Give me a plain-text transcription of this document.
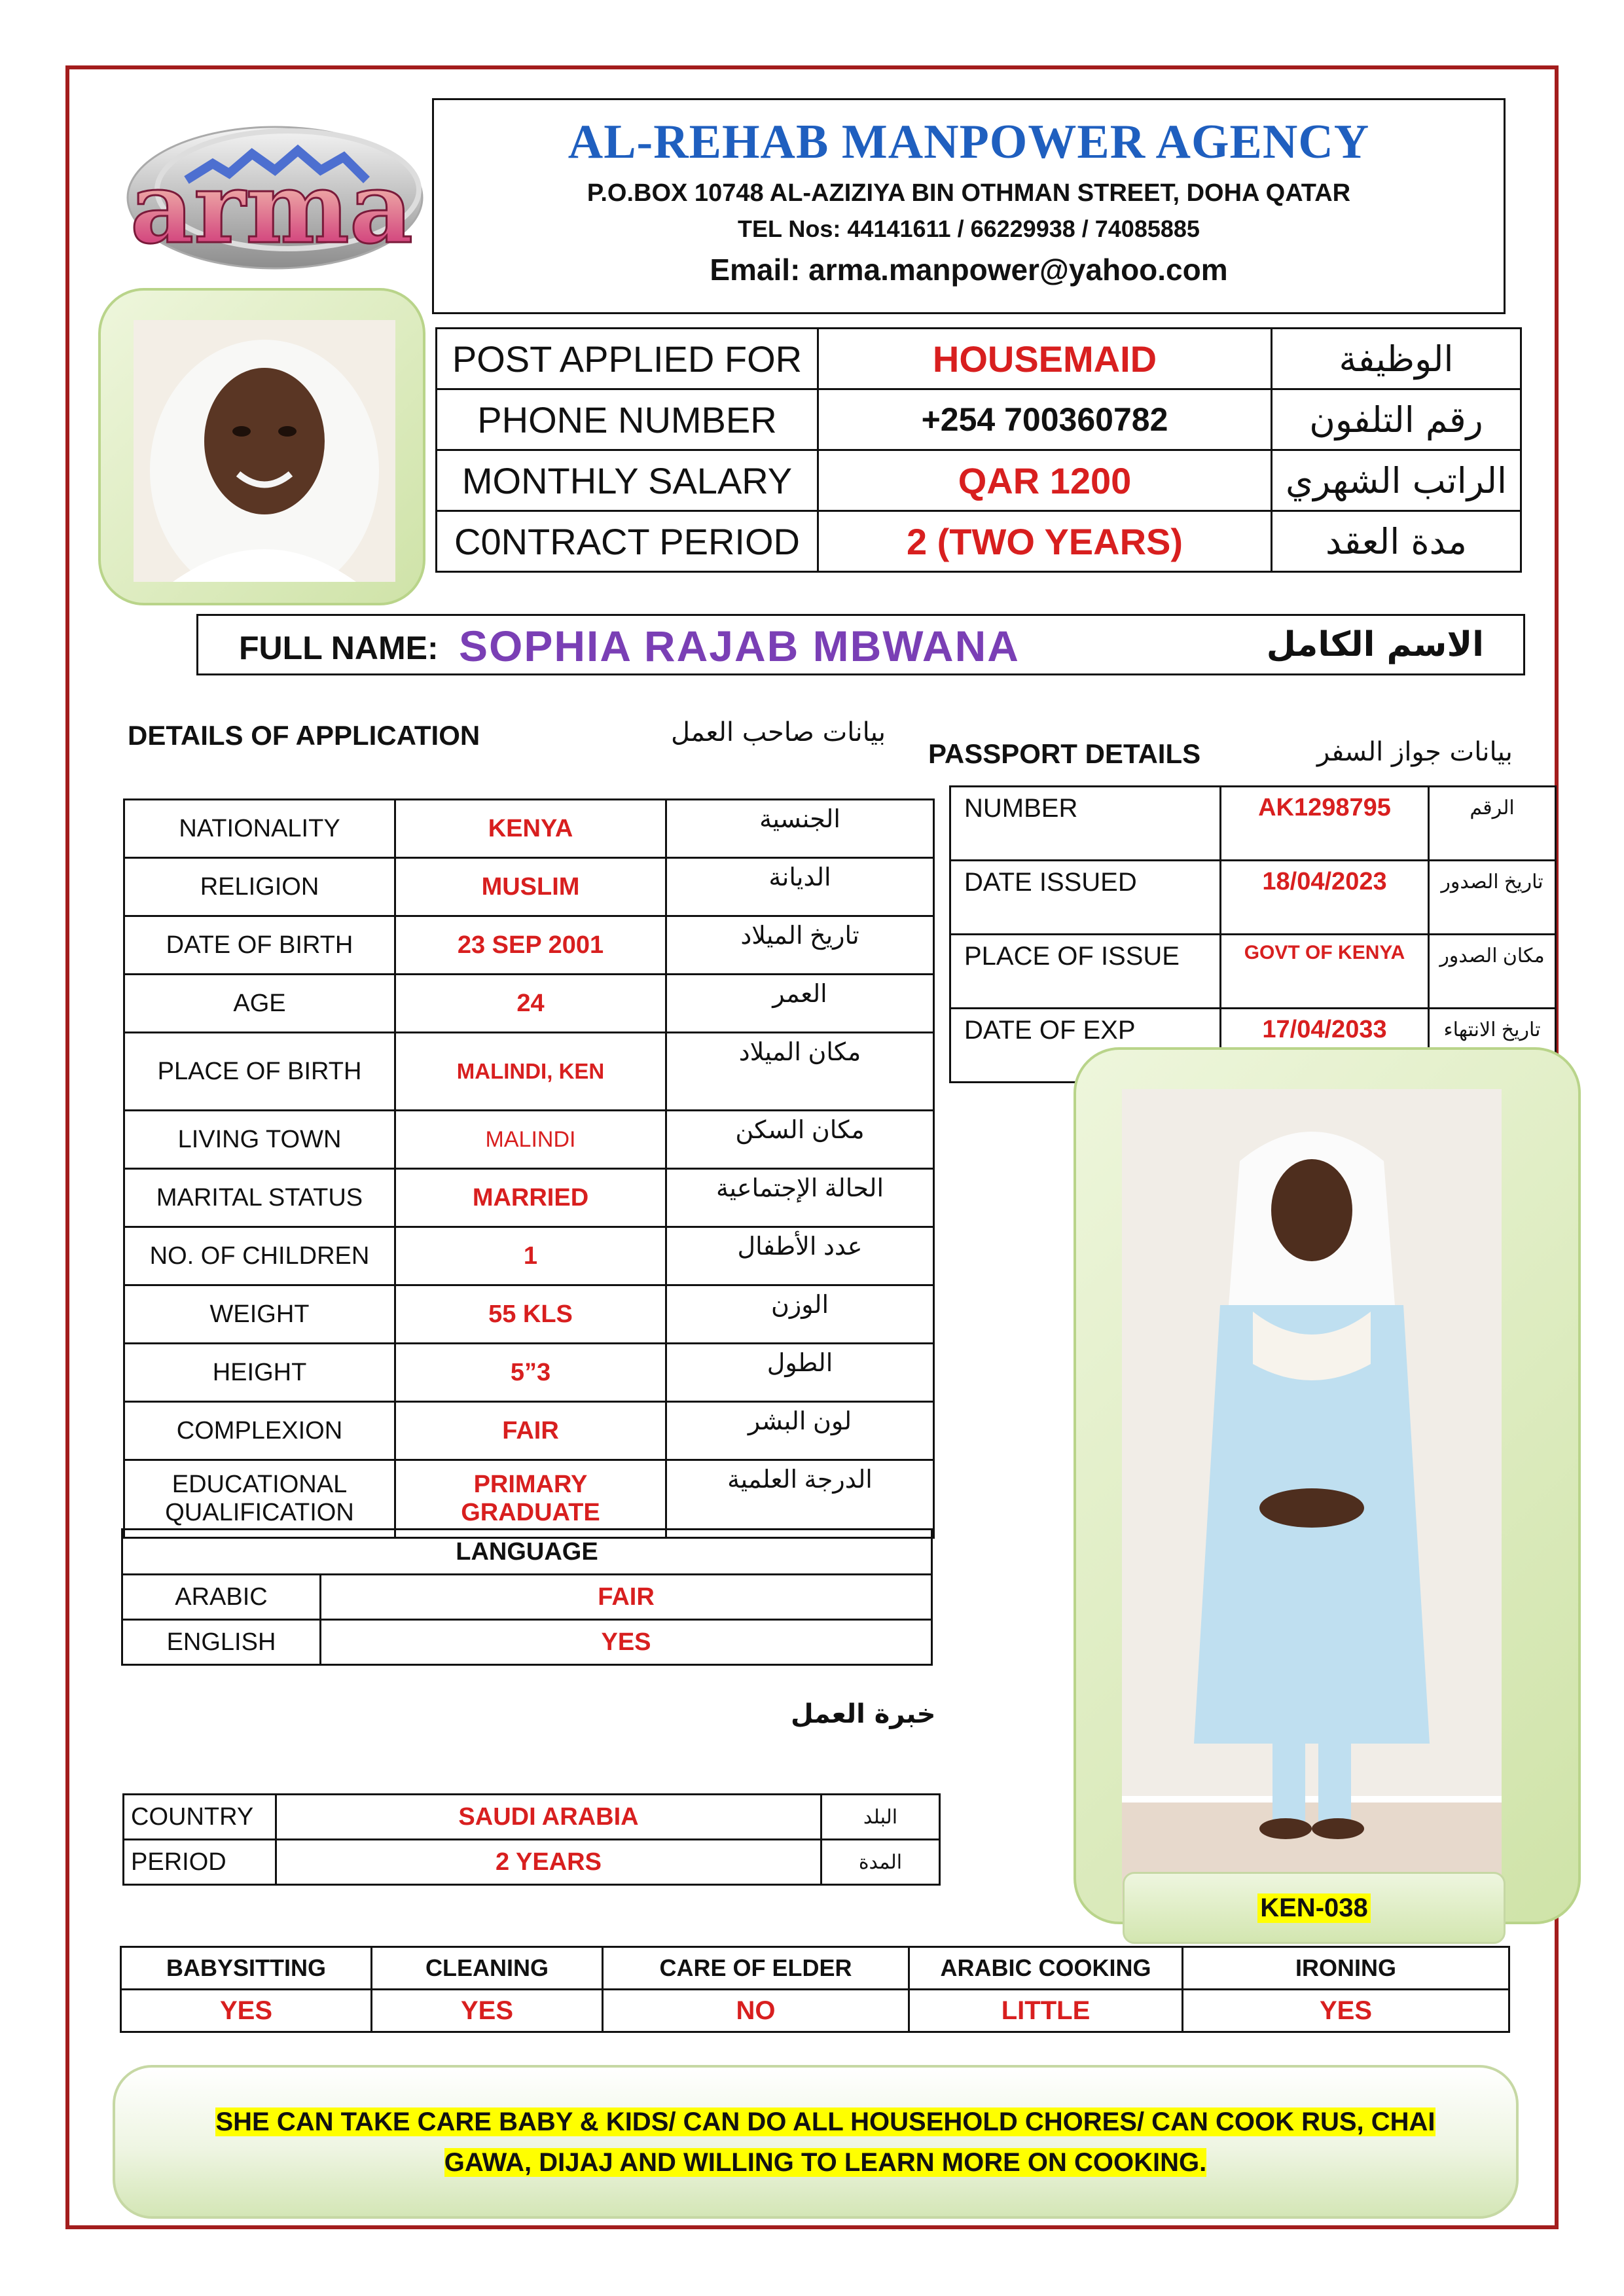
arma
AL-REHAB MANPOWER AGENCY
P.O.BOX 10748 AL-AZIZIYA BIN OTHMAN STREET, DOHA QATAR
TEL Nos: 44141611 / 66229938 / 74085885
Email: arma.manpower@yahoo.com
POST APPLIED FOR	HOUSEMAID	الوظيفة
PHONE NUMBER	+254 700360782	رقم التلفون
MONTHLY SALARY	QAR 1200	الراتب الشهري
C0NTRACT PERIOD	2 (TWO YEARS)	مدة العقد
FULL NAME: SOPHIA RAJAB MBWANA	الاسم الكامل
DETAILS OF APPLICATION	بيانات صاحب العمل
PASSPORT DETAILS	بيانات جواز السفر
NATIONALITY	KENYA	الجنسية
RELIGION	MUSLIM	الديانة
DATE OF BIRTH	23 SEP 2001	تاريخ الميلاد
AGE	24	العمر
PLACE OF BIRTH	MALINDI, KEN	مكان الميلاد
LIVING TOWN	MALINDI	مكان السكن
MARITAL STATUS	MARRIED	الحالة الإجتماعية
NO. OF CHILDREN	1	عدد الأطفال
WEIGHT	55 KLS	الوزن
HEIGHT	5”3	الطول
COMPLEXION	FAIR	لون البشر
EDUCATIONAL QUALIFICATION	PRIMARY GRADUATE	الدرجة العلمية
NUMBER	AK1298795	الرقم
DATE ISSUED	18/04/2023	تاريخ الصدور
PLACE OF ISSUE	GOVT OF KENYA	مكان الصدور
DATE OF EXP	17/04/2033	تاريخ الانتهاء
LANGUAGE	
ARABIC	FAIR
ENGLISH	YES
خبرة العمل
COUNTRY	SAUDI ARABIA	البلد
PERIOD	2 YEARS	المدة
KEN-038
BABYSITTING	CLEANING	CARE OF ELDER	ARABIC COOKING	IRONING
YES	YES	NO	LITTLE	YES

SHE CAN TAKE CARE BABY & KIDS/ CAN DO ALL HOUSEHOLD CHORES/ CAN COOK RUS, CHAI GAWA, DIJAJ AND WILLING TO LEARN MORE ON COOKING.
